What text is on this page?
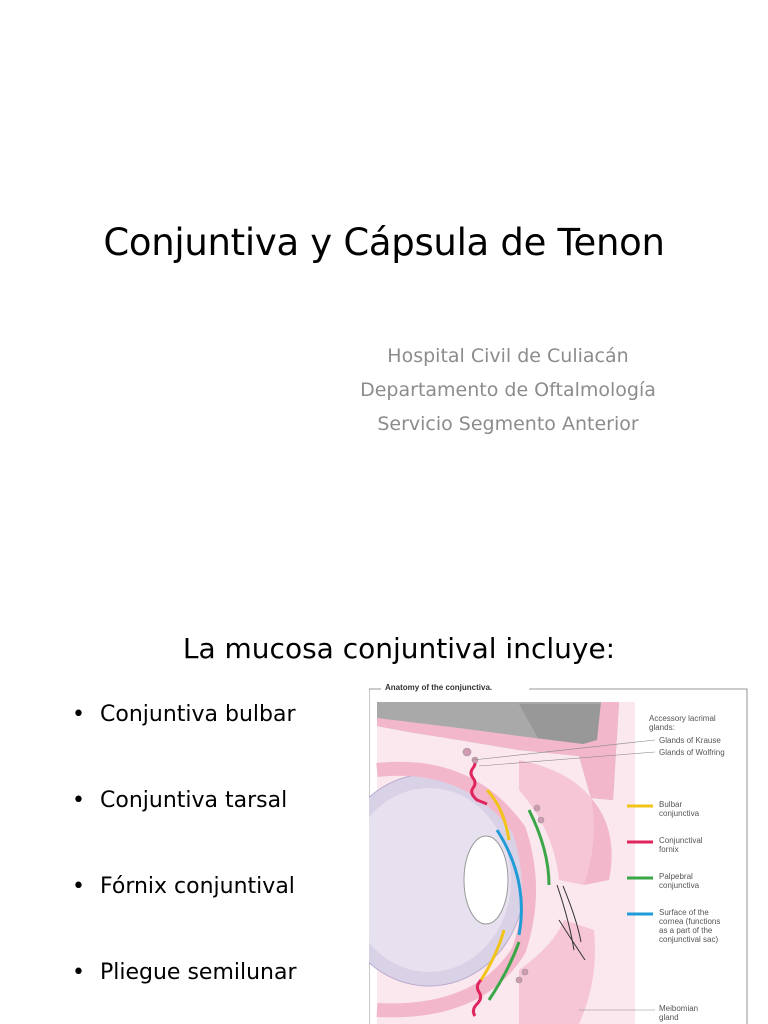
Conjuntiva y Cápsula de Tenon
Hospital Civil de Culiacán
Departamento de Oftalmología
Servicio Segmento Anterior
La mucosa conjuntival incluye:
• Conjuntiva bulbar
• Conjuntiva tarsal
• Fórnix conjuntival
• Pliegue semilunar
Anatomy of the conjunctiva.
Accessory lacrimal
glands:
Glands of Krause
Glands of Wolfring
Bulbar
conjunctiva
Conjunctival
fornix
Palpebral
conjunctiva
Surface of the
cornea (functions
as a part of the
conjunctival sac)
Meibomian
gland
